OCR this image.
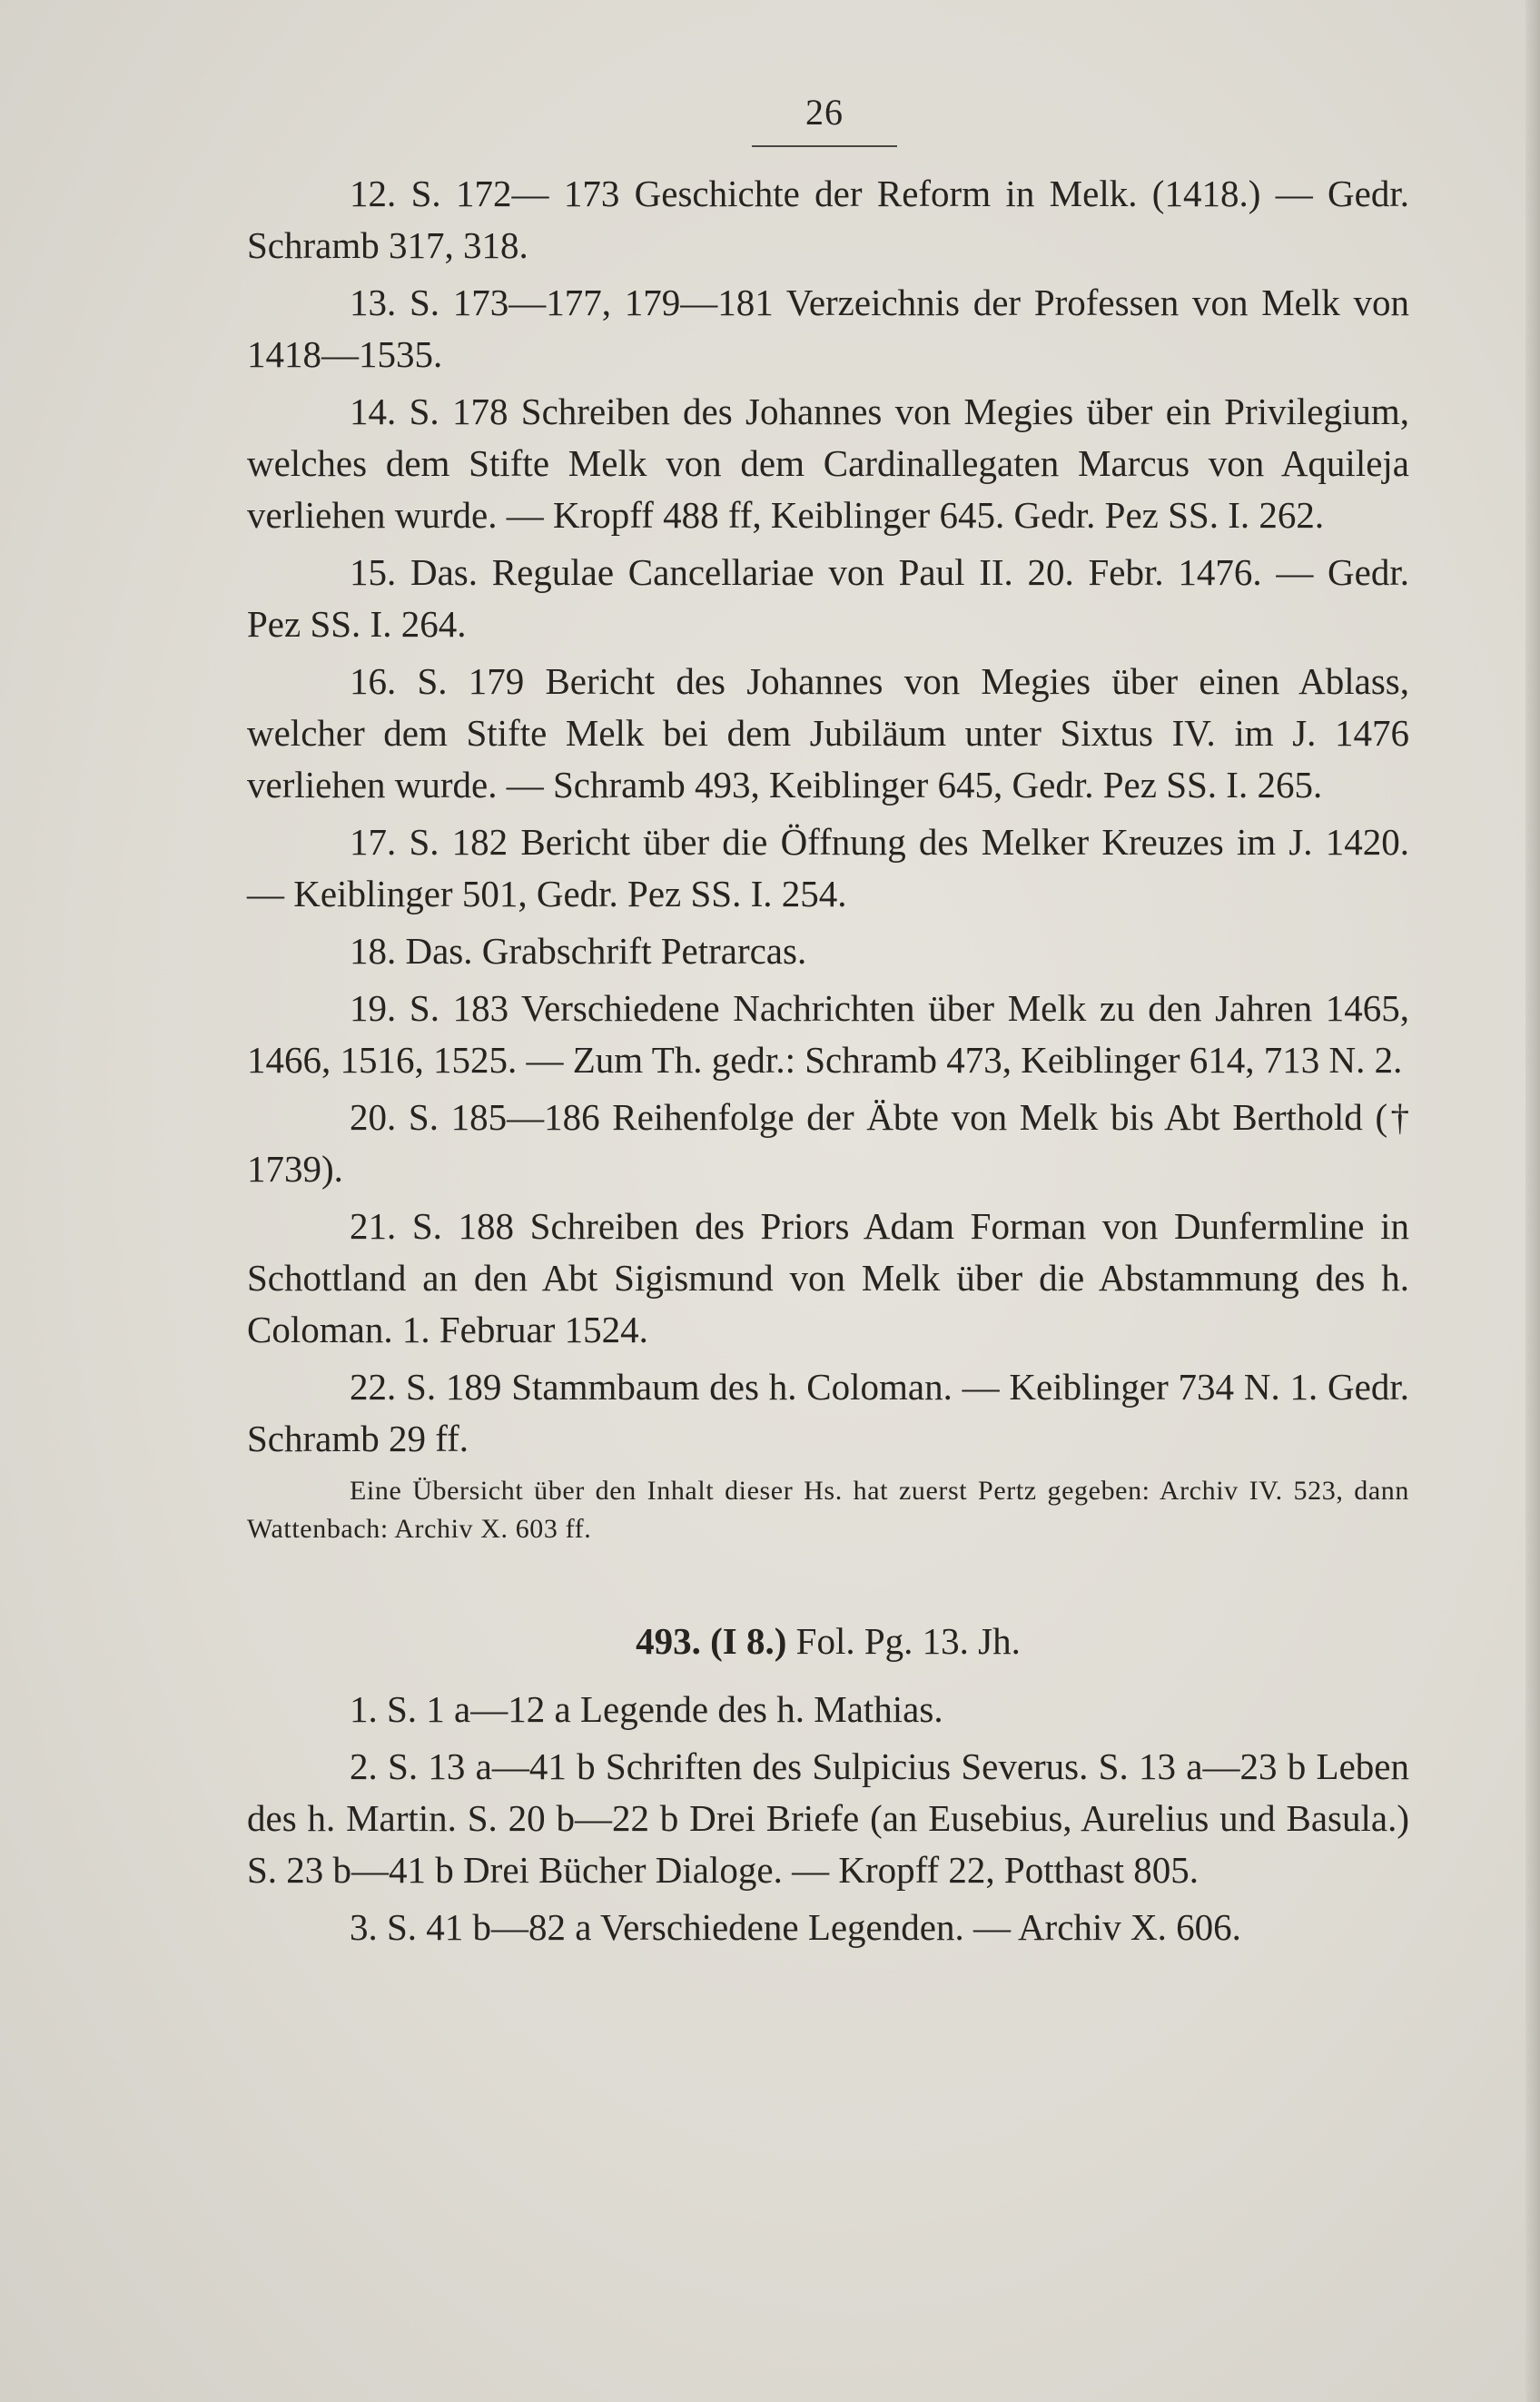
26

12. S. 172— 173 Geschichte der Reform in Melk. (1418.) — Gedr. Schramb 317, 318.

13. S. 173—177, 179—181 Verzeichnis der Professen von Melk von 1418—1535.

14. S. 178 Schreiben des Johannes von Megies über ein Privilegium, welches dem Stifte Melk von dem Cardinallegaten Marcus von Aquileja verliehen wurde. — Kropff 488 ff, Keiblinger 645. Gedr. Pez SS. I. 262.

15. Das. Regulae Cancellariae von Paul II. 20. Febr. 1476. — Gedr. Pez SS. I. 264.

16. S. 179 Bericht des Johannes von Megies über einen Ablass, welcher dem Stifte Melk bei dem Jubiläum unter Sixtus IV. im J. 1476 verliehen wurde. — Schramb 493, Keiblinger 645, Gedr. Pez SS. I. 265.

17. S. 182 Bericht über die Öffnung des Melker Kreuzes im J. 1420. — Keiblinger 501, Gedr. Pez SS. I. 254.

18. Das. Grabschrift Petrarcas.

19. S. 183 Verschiedene Nachrichten über Melk zu den Jahren 1465, 1466, 1516, 1525. — Zum Th. gedr.: Schramb 473, Keiblinger 614, 713 N. 2.

20. S. 185—186 Reihenfolge der Äbte von Melk bis Abt Berthold († 1739).

21. S. 188 Schreiben des Priors Adam Forman von Dunfermline in Schottland an den Abt Sigismund von Melk über die Abstammung des h. Coloman. 1. Februar 1524.

22. S. 189 Stammbaum des h. Coloman. — Keiblinger 734 N. 1. Gedr. Schramb 29 ff.

Eine Übersicht über den Inhalt dieser Hs. hat zuerst Pertz gegeben: Archiv IV. 523, dann Wattenbach: Archiv X. 603 ff.

493. (I 8.) Fol. Pg. 13. Jh.

1. S. 1 a—12 a Legende des h. Mathias.

2. S. 13 a—41 b Schriften des Sulpicius Severus. S. 13 a—23 b Leben des h. Martin. S. 20 b—22 b Drei Briefe (an Eusebius, Aurelius und Basula.) S. 23 b—41 b Drei Bücher Dialoge. — Kropff 22, Potthast 805.

3. S. 41 b—82 a Verschiedene Legenden. — Archiv X. 606.
